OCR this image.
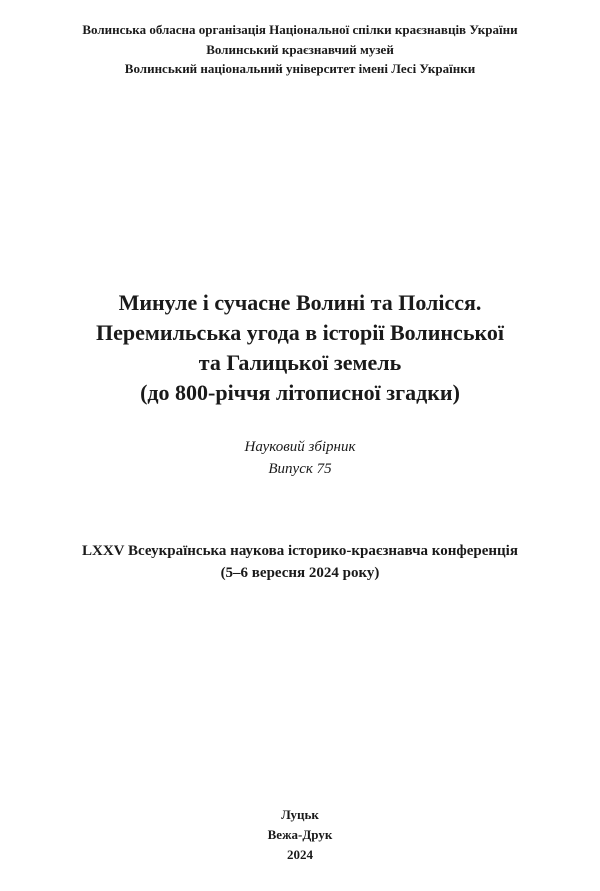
Волинська обласна організація Національної спілки краєзнавців України
Волинський краєзнавчий музей
Волинський національний університет імені Лесі Українки
Минуле і сучасне Волині та Полісся.
Перемильська угода в історії Волинської
та Галицької земель
(до 800-річчя літописної згадки)
Науковий збірник
Випуск 75
LXXV Всеукраїнська наукова історико-краєзнавча конференція
(5–6 вересня 2024 року)
Луцьк
Вежа-Друк
2024
